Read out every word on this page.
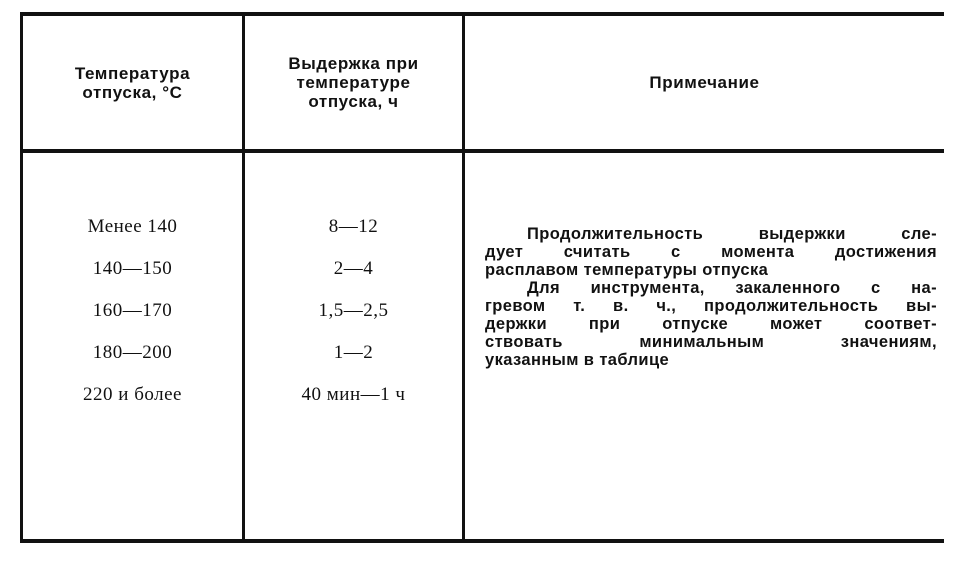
Температура
отпуска, °С
Выдержка при
температуре
отпуска, ч
Примечание
Менее 140
140—150
160—170
180—200
220 и более
8—12
2—4
1,5—2,5
1—2
40 мин—1 ч
Продолжительность выдержки сле-
дует считать с момента достижения
расплавом температуры отпуска
Для инструмента, закаленного с на-
гревом т. в. ч., продолжительность вы-
держки при отпуске может соответ-
ствовать минимальным значениям,
указанным в таблице
